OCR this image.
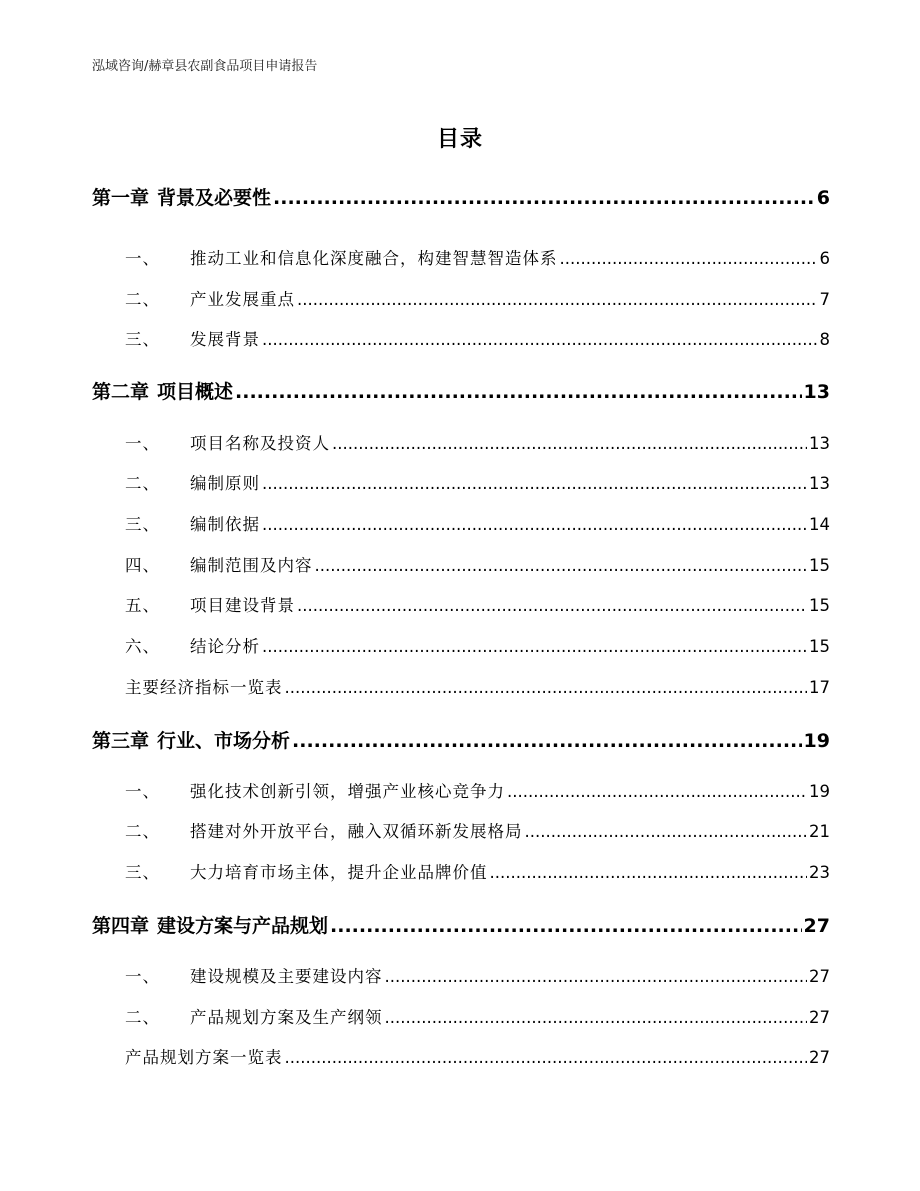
泓域咨询/赫章县农副食品项目申请报告
目录
第一章 背景及必要性 .....	6
一、 推动工业和信息化深度融合，构建智慧智造体系 .....	6
二、 产业发展重点 .....	7
三、 发展背景 .....	8
第二章 项目概述 .....	13
一、 项目名称及投资人 .....	13
二、 编制原则 .....	13
三、 编制依据 .....	14
四、 编制范围及内容 .....	15
五、 项目建设背景 .....	15
六、 结论分析 .....	15
主要经济指标一览表 .....	17
第三章 行业、市场分析 .....	19
一、 强化技术创新引领，增强产业核心竞争力 .....	19
二、 搭建对外开放平台，融入双循环新发展格局 .....	21
三、 大力培育市场主体，提升企业品牌价值 .....	23
第四章 建设方案与产品规划 .....	27
一、 建设规模及主要建设内容 .....	27
二、 产品规划方案及生产纲领 .....	27
产品规划方案一览表 .....	27
